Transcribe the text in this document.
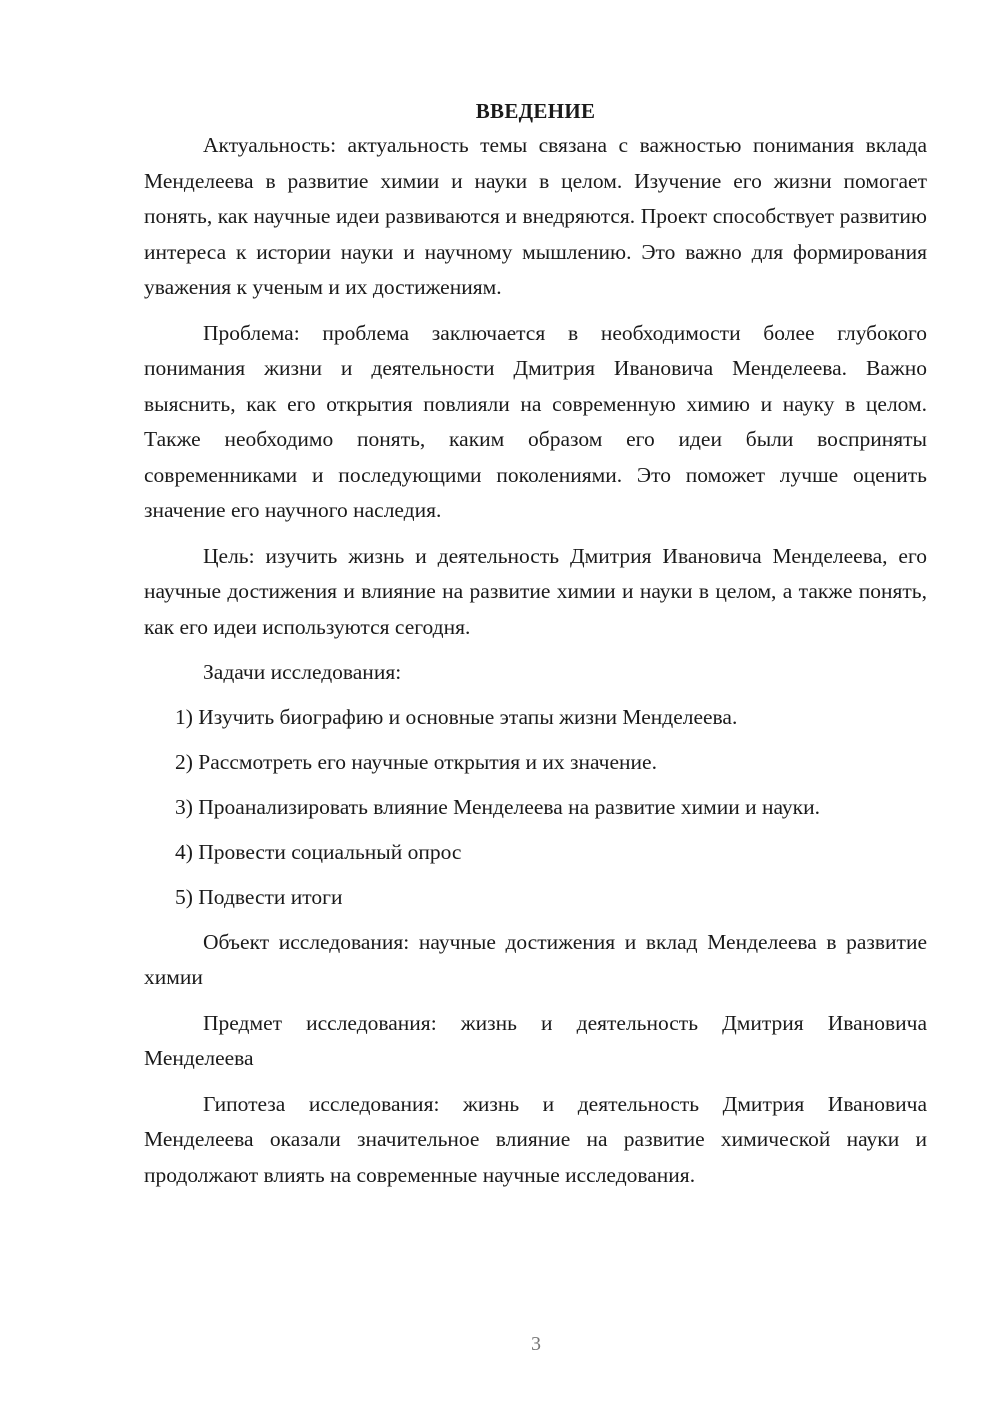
ВВЕДЕНИЕ

Актуальность: актуальность темы связана с важностью понимания вклада Менделеева в развитие химии и науки в целом. Изучение его жизни помогает понять, как научные идеи развиваются и внедряются. Проект способствует развитию интереса к истории науки и научному мышлению. Это важно для формирования уважения к ученым и их достижениям.

Проблема: проблема заключается в необходимости более глубокого понимания жизни и деятельности Дмитрия Ивановича Менделеева. Важно выяснить, как его открытия повлияли на современную химию и науку в целом. Также необходимо понять, каким образом его идеи были восприняты современниками и последующими поколениями. Это поможет лучше оценить значение его научного наследия.

Цель: изучить жизнь и деятельность Дмитрия Ивановича Менделеева, его научные достижения и влияние на развитие химии и науки в целом, а также понять, как его идеи используются сегодня.

Задачи исследования:

1) Изучить биографию и основные этапы жизни Менделеева.
2) Рассмотреть его научные открытия и их значение.
3) Проанализировать влияние Менделеева на развитие химии и науки.
4) Провести социальный опрос
5) Подвести итоги

Объект исследования: научные достижения и вклад Менделеева в развитие химии

Предмет исследования: жизнь и деятельность Дмитрия Ивановича Менделеева

Гипотеза исследования: жизнь и деятельность Дмитрия Ивановича Менделеева оказали значительное влияние на развитие химической науки и продолжают влиять на современные научные исследования.

3
